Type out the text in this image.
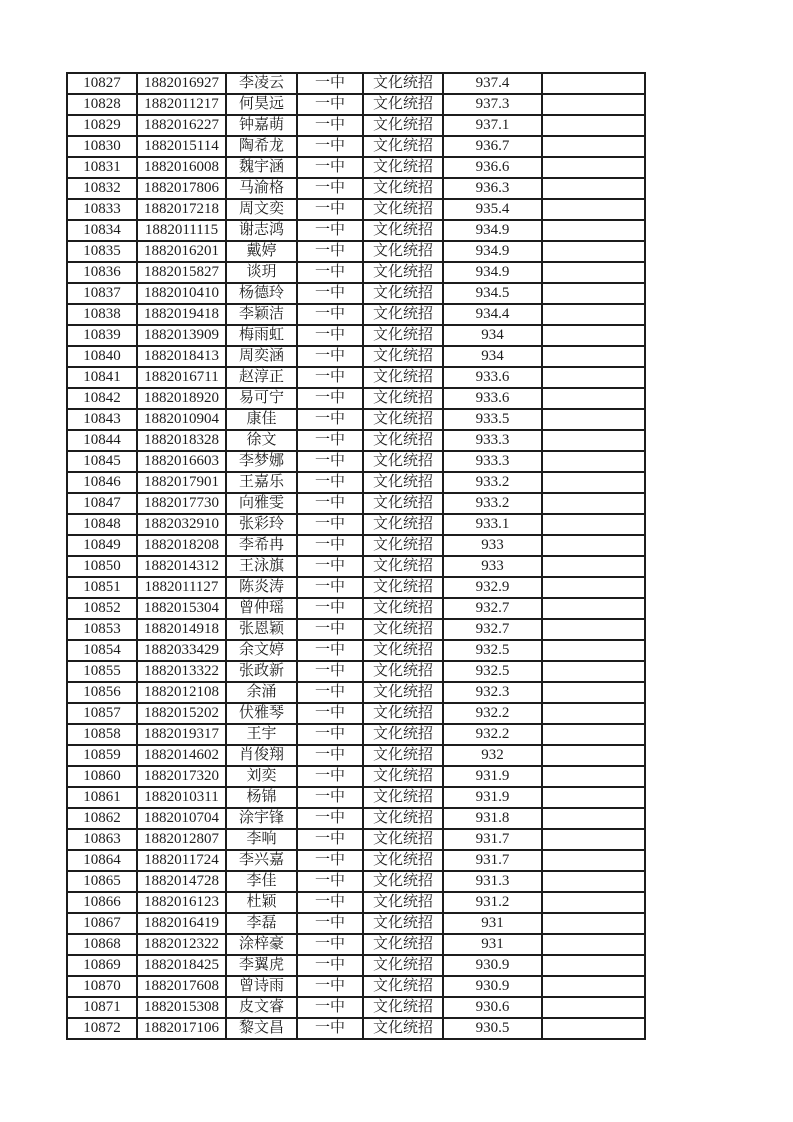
10827	1882016927	李凌云	一中	文化统招	937.4	
10828	1882011217	何昊远	一中	文化统招	937.3	
10829	1882016227	钟嘉萌	一中	文化统招	937.1	
10830	1882015114	陶希龙	一中	文化统招	936.7	
10831	1882016008	魏宇涵	一中	文化统招	936.6	
10832	1882017806	马渝格	一中	文化统招	936.3	
10833	1882017218	周文奕	一中	文化统招	935.4	
10834	1882011115	谢志鸿	一中	文化统招	934.9	
10835	1882016201	戴婷	一中	文化统招	934.9	
10836	1882015827	谈玥	一中	文化统招	934.9	
10837	1882010410	杨德玲	一中	文化统招	934.5	
10838	1882019418	李颖洁	一中	文化统招	934.4	
10839	1882013909	梅雨虹	一中	文化统招	934	
10840	1882018413	周奕涵	一中	文化统招	934	
10841	1882016711	赵淳正	一中	文化统招	933.6	
10842	1882018920	易可宁	一中	文化统招	933.6	
10843	1882010904	康佳	一中	文化统招	933.5	
10844	1882018328	徐文	一中	文化统招	933.3	
10845	1882016603	李梦娜	一中	文化统招	933.3	
10846	1882017901	王嘉乐	一中	文化统招	933.2	
10847	1882017730	向雅雯	一中	文化统招	933.2	
10848	1882032910	张彩玲	一中	文化统招	933.1	
10849	1882018208	李希冉	一中	文化统招	933	
10850	1882014312	王泳旗	一中	文化统招	933	
10851	1882011127	陈炎涛	一中	文化统招	932.9	
10852	1882015304	曾仲瑶	一中	文化统招	932.7	
10853	1882014918	张恩颖	一中	文化统招	932.7	
10854	1882033429	余文婷	一中	文化统招	932.5	
10855	1882013322	张政新	一中	文化统招	932.5	
10856	1882012108	余涌	一中	文化统招	932.3	
10857	1882015202	伏雅琴	一中	文化统招	932.2	
10858	1882019317	王宇	一中	文化统招	932.2	
10859	1882014602	肖俊翔	一中	文化统招	932	
10860	1882017320	刘奕	一中	文化统招	931.9	
10861	1882010311	杨锦	一中	文化统招	931.9	
10862	1882010704	涂宇锋	一中	文化统招	931.8	
10863	1882012807	李响	一中	文化统招	931.7	
10864	1882011724	李兴嘉	一中	文化统招	931.7	
10865	1882014728	李佳	一中	文化统招	931.3	
10866	1882016123	杜颖	一中	文化统招	931.2	
10867	1882016419	李磊	一中	文化统招	931	
10868	1882012322	涂梓豪	一中	文化统招	931	
10869	1882018425	李翼虎	一中	文化统招	930.9	
10870	1882017608	曾诗雨	一中	文化统招	930.9	
10871	1882015308	皮文睿	一中	文化统招	930.6	
10872	1882017106	黎文昌	一中	文化统招	930.5	
